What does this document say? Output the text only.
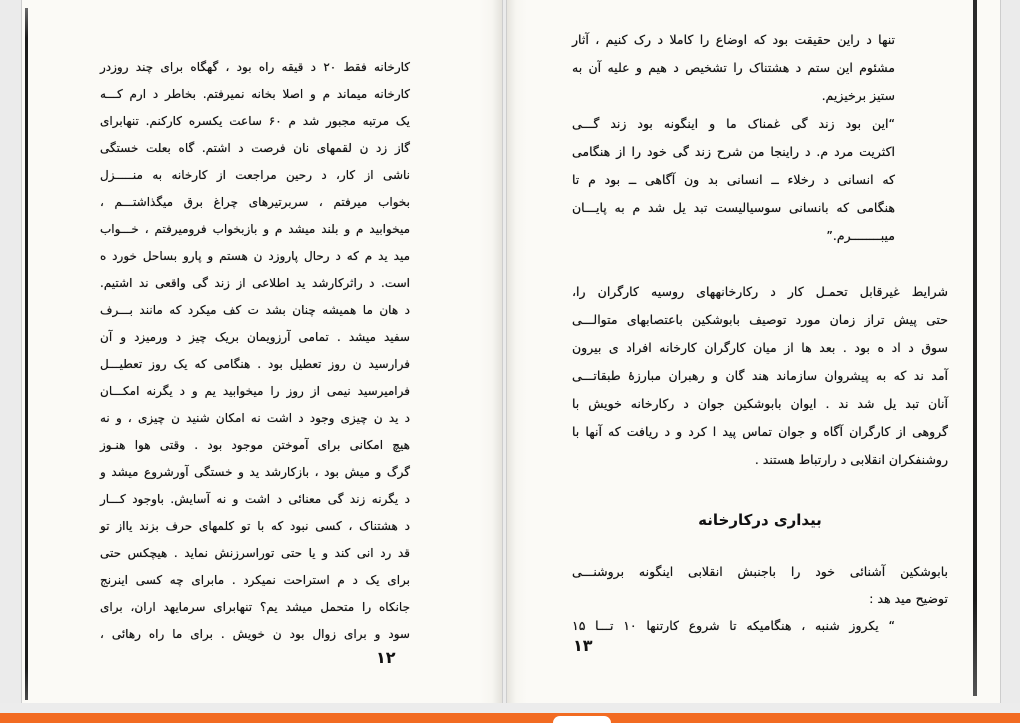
کارخانه فقط ۲۰ د قیقه راه بود ، گهگاه برای چند روزدر
کارخانه میماند م و اصلا بخانه نمیرفتم. بخاطر د ارم کـــه
یک مرتبه مجبور شد م ۶۰ ساعت یکسره کارکنم. تنهابرای
گاز زد ن لقمهای نان فرصت د اشتم. گاه بعلت خستگی
ناشی از کار، د رحین مراجعت از کارخانه به منـــــزل
بخواب میرفتم ، سربرتیرهای چراغ برق میگذاشتـــم ،
میخوابید م و بلند میشد م و بازبخواب فرومیرفتم ، خـــواب
مید ید م که د رحال پاروزد ن هستم و پارو بساحل خورد ه
است. د راثرکارشد ید اطلاعی از زند گی واقعی ند اشتیم.
د هان ما همیشه چنان بشد ت کف میکرد که مانند بـــرف
سفید میشد . تمامی آرزویمان بریک چیز د ورمیزد و آن
فرارسید ن روز تعطیل بود . هنگامی که یک روز تعطیـــل
فرامیرسید نیمی از روز را میخوابید یم و د یگرنه امکـــان
د ید ن چیزی وجود د اشت نه امکان شنید ن چیزی ، و نه
هیچ امکانی برای آموختن موجود بود . وقتی هوا هنـوز
گرگ و میش بود ، بازکارشد ید و خستگی آورشروع میشد و
د یگرنه زند گی معنائی د اشت و نه آسایش. باوجود کـــار
د هشتناک ، کسی نبود که با تو کلمهای حرف بزند یااز تو
قد رد انی کند و یا حتی توراسرزنش نماید . هیچکس حتی
برای یک د م استراحت نمیکرد . مابرای چه کسی اینرنج
جانکاه را متحمل میشد یم؟ تنهابرای سرمایهد اران، برای
سود و برای زوال بود ن خویش . برای ما راه رهائی ،
۱۲
تنها د راین حقیقت بود که اوضاع را کاملا د رک کنیم ، آثار
مشئوم این ستم د هشتناک را تشخیص د هیم و علیه آن به
ستیز برخیزیم.
“این بود زند گی غمناک ما و اینگونه بود زند گـــی
اکثریت مرد م. د راینجا من شرح زند گی خود را از هنگامی
که انسانی د رخلاء ــ انسانی بد ون آگاهی ــ بود م تا
هنگامی که بانسانی سوسیالیست تبد یل شد م به پایـــان
میبــــــــرم.”
شرایط غیرقابل تحمـل کار د رکارخانههای روسیه کارگران را،
حتی پیش تراز زمان مورد توصیف بابوشکین باعتصابهای متوالـــی
سوق د اد ه بود . بعد ها از میان کارگران کارخانه افراد ی بیرون
آمد ند که به پیشروان سازماند هند گان و رهبران مبارزهٔ طبقاتـــی
آنان تبد یل شد ند . ایوان بابوشکین جوان د رکارخانه خویش با
گروهی از کارگران آگاه و جوان تماس پید ا کرد و د ریافت که آنها با
روشنفکران انقلابی د رارتباط هستند .
بیداری درکارخانه
بابوشکین آشنائی خود را باجنبش انقلابی اینگونه بروشنـــی
توضیح مید هد :
“ یکروز شنبه ، هنگامیکه تا شروع کارتنها ۱۰ تـــا ۱۵
۱۳
